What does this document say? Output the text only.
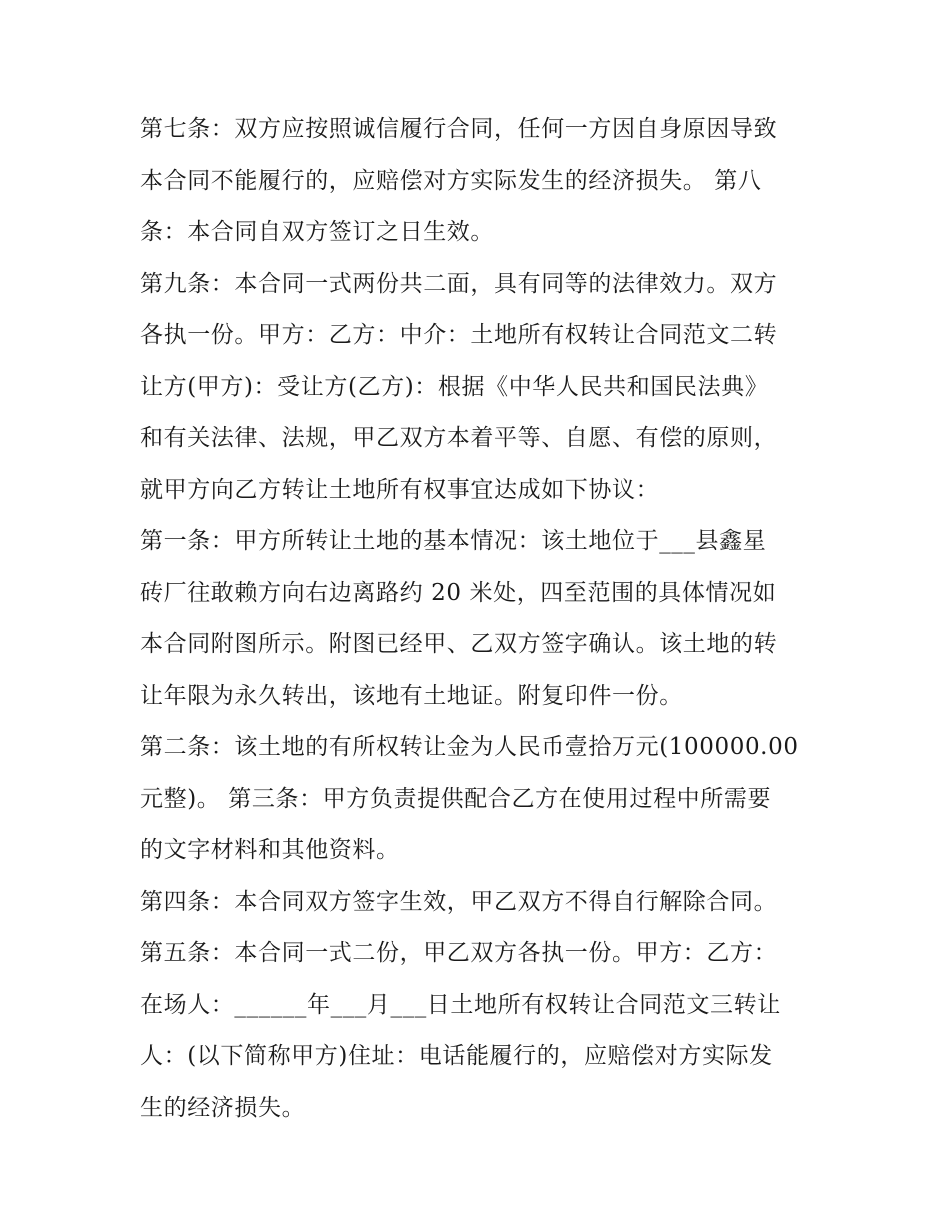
第七条：双方应按照诚信履行合同，任何一方因自身原因导致
本合同不能履行的，应赔偿对方实际发生的经济损失。 第八
条：本合同自双方签订之日生效。

第九条：本合同一式两份共二面，具有同等的法律效力。双方
各执一份。甲方：乙方：中介：土地所有权转让合同范文二转
让方(甲方)：受让方(乙方)：根据《中华人民共和国民法典》
和有关法律、法规，甲乙双方本着平等、自愿、有偿的原则，
就甲方向乙方转让土地所有权事宜达成如下协议：

第一条：甲方所转让土地的基本情况：该土地位于___县鑫星
砖厂往敢赖方向右边离路约 20 米处，四至范围的具体情况如
本合同附图所示。附图已经甲、乙双方签字确认。该土地的转
让年限为永久转出，该地有土地证。附复印件一份。

第二条：该土地的有所权转让金为人民币壹拾万元(100000.00
元整)。 第三条：甲方负责提供配合乙方在使用过程中所需要
的文字材料和其他资料。

第四条：本合同双方签字生效，甲乙双方不得自行解除合同。

第五条：本合同一式二份，甲乙双方各执一份。甲方：乙方：
在场人：______年___月___日土地所有权转让合同范文三转让
人：(以下简称甲方)住址：电话能履行的，应赔偿对方实际发
生的经济损失。
